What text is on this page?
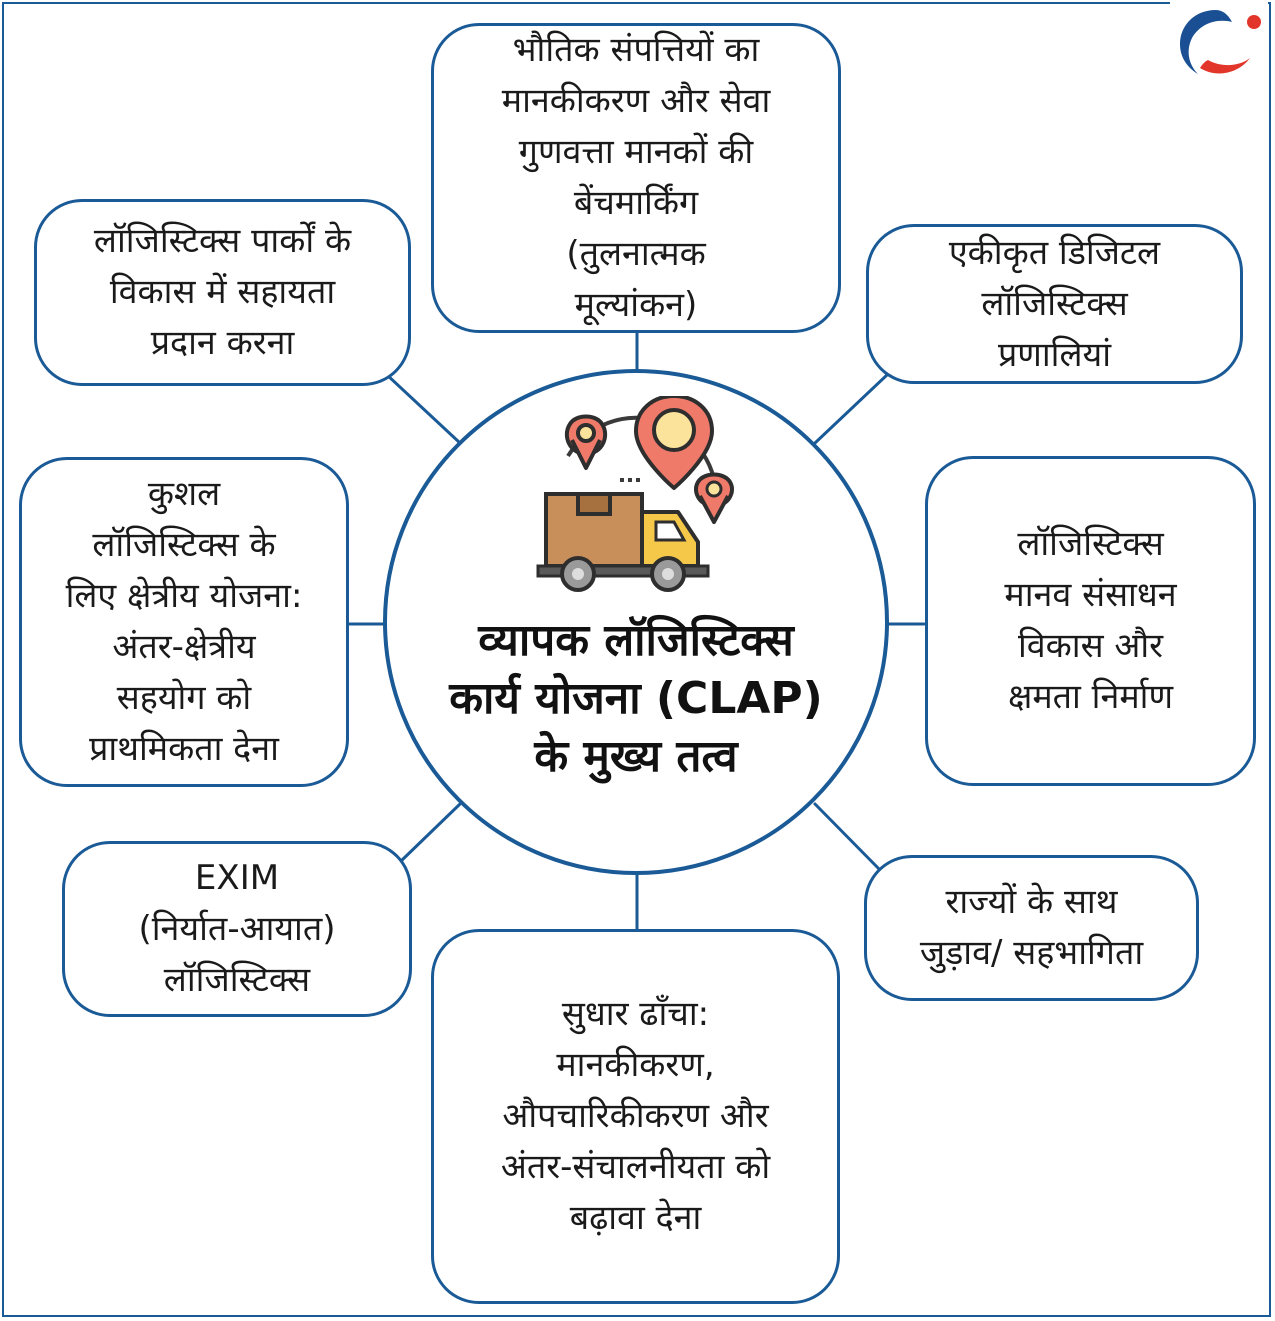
व्यापक लॉजिस्टिक्स
कार्य योजना (CLAP)
के मुख्य तत्व
भौतिक संपत्तियों का
मानकीकरण और सेवा
गुणवत्ता मानकों की
बेंचमार्किंग
(तुलनात्मक
मूल्यांकन)
लॉजिस्टिक्स पार्कों के
विकास में सहायता
प्रदान करना
एकीकृत डिजिटल
लॉजिस्टिक्स
प्रणालियां
कुशल
लॉजिस्टिक्स के
लिए क्षेत्रीय योजना:
अंतर-क्षेत्रीय
सहयोग को
प्राथमिकता देना
लॉजिस्टिक्स
मानव संसाधन
विकास और
क्षमता निर्माण
EXIM
(निर्यात-आयात)
लॉजिस्टिक्स
राज्यों के साथ
जुड़ाव/ सहभागिता
सुधार ढाँचा:
मानकीकरण,
औपचारिकीकरण और
अंतर-संचालनीयता को
बढ़ावा देना
